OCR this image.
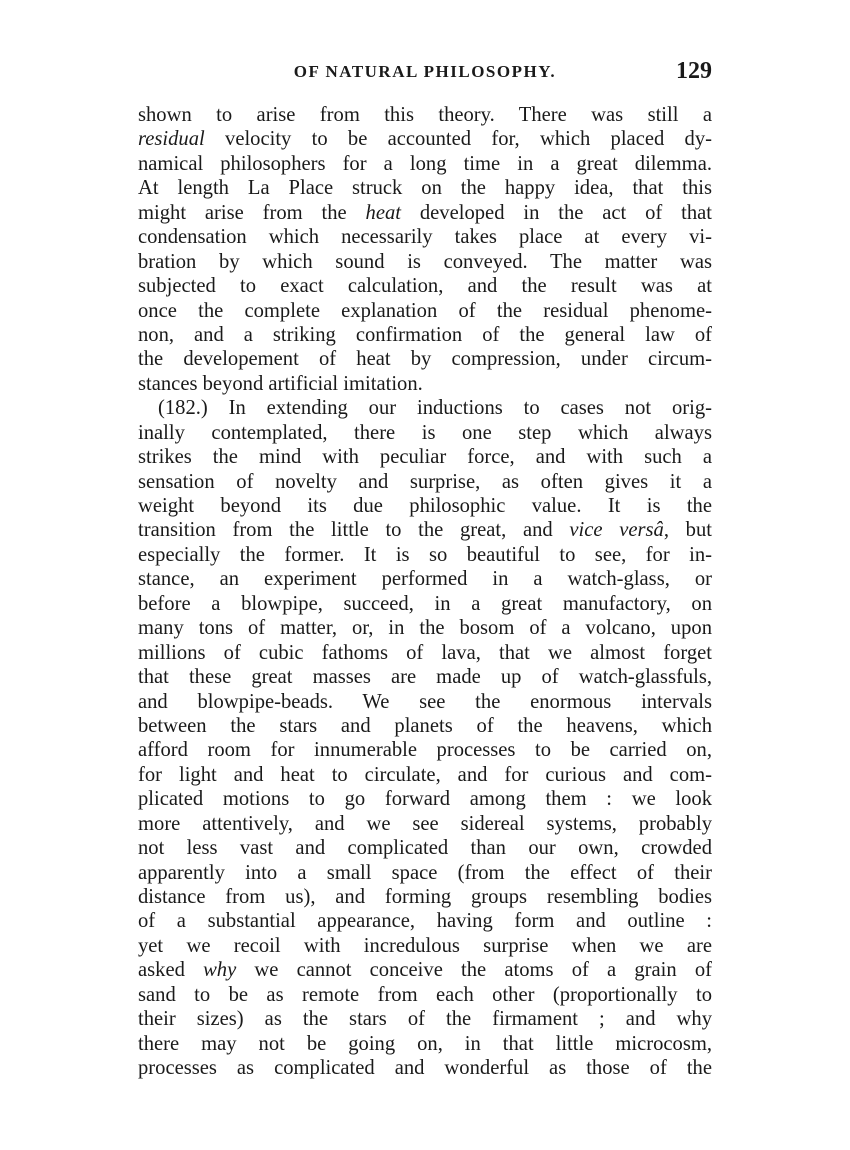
OF NATURAL PHILOSOPHY.	129
shown to arise from this theory. There was still a
residual velocity to be accounted for, which placed dy-
namical philosophers for a long time in a great dilemma.
At length La Place struck on the happy idea, that this
might arise from the heat developed in the act of that
condensation which necessarily takes place at every vi-
bration by which sound is conveyed. The matter was
subjected to exact calculation, and the result was at
once the complete explanation of the residual phenome-
non, and a striking confirmation of the general law of
the developement of heat by compression, under circum-
stances beyond artificial imitation.
(182.) In extending our inductions to cases not orig-
inally contemplated, there is one step which always
strikes the mind with peculiar force, and with such a
sensation of novelty and surprise, as often gives it a
weight beyond its due philosophic value. It is the
transition from the little to the great, and vice versâ, but
especially the former. It is so beautiful to see, for in-
stance, an experiment performed in a watch-glass, or
before a blowpipe, succeed, in a great manufactory, on
many tons of matter, or, in the bosom of a volcano, upon
millions of cubic fathoms of lava, that we almost forget
that these great masses are made up of watch-glassfuls,
and blowpipe-beads. We see the enormous intervals
between the stars and planets of the heavens, which
afford room for innumerable processes to be carried on,
for light and heat to circulate, and for curious and com-
plicated motions to go forward among them : we look
more attentively, and we see sidereal systems, probably
not less vast and complicated than our own, crowded
apparently into a small space (from the effect of their
distance from us), and forming groups resembling bodies
of a substantial appearance, having form and outline :
yet we recoil with incredulous surprise when we are
asked why we cannot conceive the atoms of a grain of
sand to be as remote from each other (proportionally to
their sizes) as the stars of the firmament ; and why
there may not be going on, in that little microcosm,
processes as complicated and wonderful as those of the
